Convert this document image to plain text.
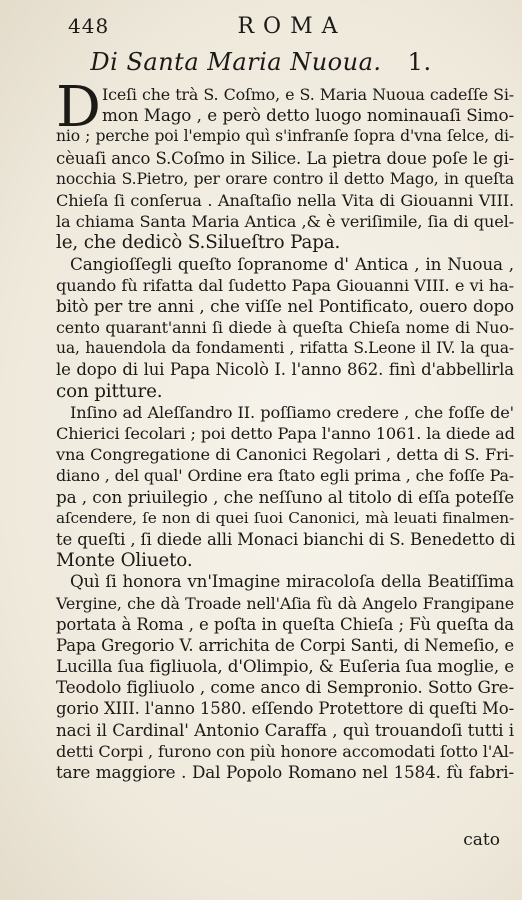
448	ROMA
Di Santa Maria Nuoua. 1.
D Iceſi che trà S. Coſmo, e S. Maria Nuoua cadeſſe Si-
mon Mago , e però detto luogo nominauaſi Simo-
nio ; perche poi l'empio quì s'infranſe ſopra d'vna ſelce, di-
cèuaſi anco S.Coſmo in Silice. La pietra doue poſe le gi-
nocchia S.Pietro, per orare contro il detto Mago, in queſta
Chieſa ſi conſerua . Anaſtaſio nella Vita di Giouanni VIII.
la chiama Santa Maria Antica ,& è veriſimile, ſia di quel-
le, che dedicò S.Silueſtro Papa.
Cangioſſegli queſto ſopranome d' Antica , in Nuoua ,
quando fù rifatta dal ſudetto Papa Giouanni VIII. e vi ha-
bitò per tre anni , che viſſe nel Pontificato, ouero dopo
cento quarant'anni ſi diede à queſta Chieſa nome di Nuo-
ua, hauendola da fondamenti , rifatta S.Leone il IV. la qua-
le dopo di lui Papa Nicolò I. l'anno 862. finì d'abbellirla
con pitture.
Inſino ad Aleſſandro II. poſſiamo credere , che foſſe de'
Chierici ſecolari ; poi detto Papa l'anno 1061. la diede ad
vna Congregatione di Canonici Regolari , detta di S. Fri-
diano , del qual' Ordine era ſtato egli prima , che foſſe Pa-
pa , con priuilegio , che neſſuno al titolo di eſſa poteſſe
aſcendere, ſe non di quei ſuoi Canonici, mà leuati finalmen-
te queſti , ſi diede alli Monaci bianchi di S. Benedetto di
Monte Oliueto.
Quì ſi honora vn'Imagine miracoloſa della Beatiſſima
Vergine, che dà Troade nell'Aſia fù dà Angelo Frangipane
portata à Roma , e poſta in queſta Chieſa ; Fù queſta da
Papa Gregorio V. arrichita de Corpi Santi, di Nemeſio, e
Lucilla ſua figliuola, d'Olimpio, & Euſeria ſua moglie, e
Teodolo figliuolo , come anco di Sempronio. Sotto Gre-
gorio XIII. l'anno 1580. eſſendo Protettore di queſti Mo-
naci il Cardinal' Antonio Caraffa , quì trouandoſi tutti i
detti Corpi , furono con più honore accomodati ſotto l'Al-
tare maggiore . Dal Popolo Romano nel 1584. fù fabri-
cato
